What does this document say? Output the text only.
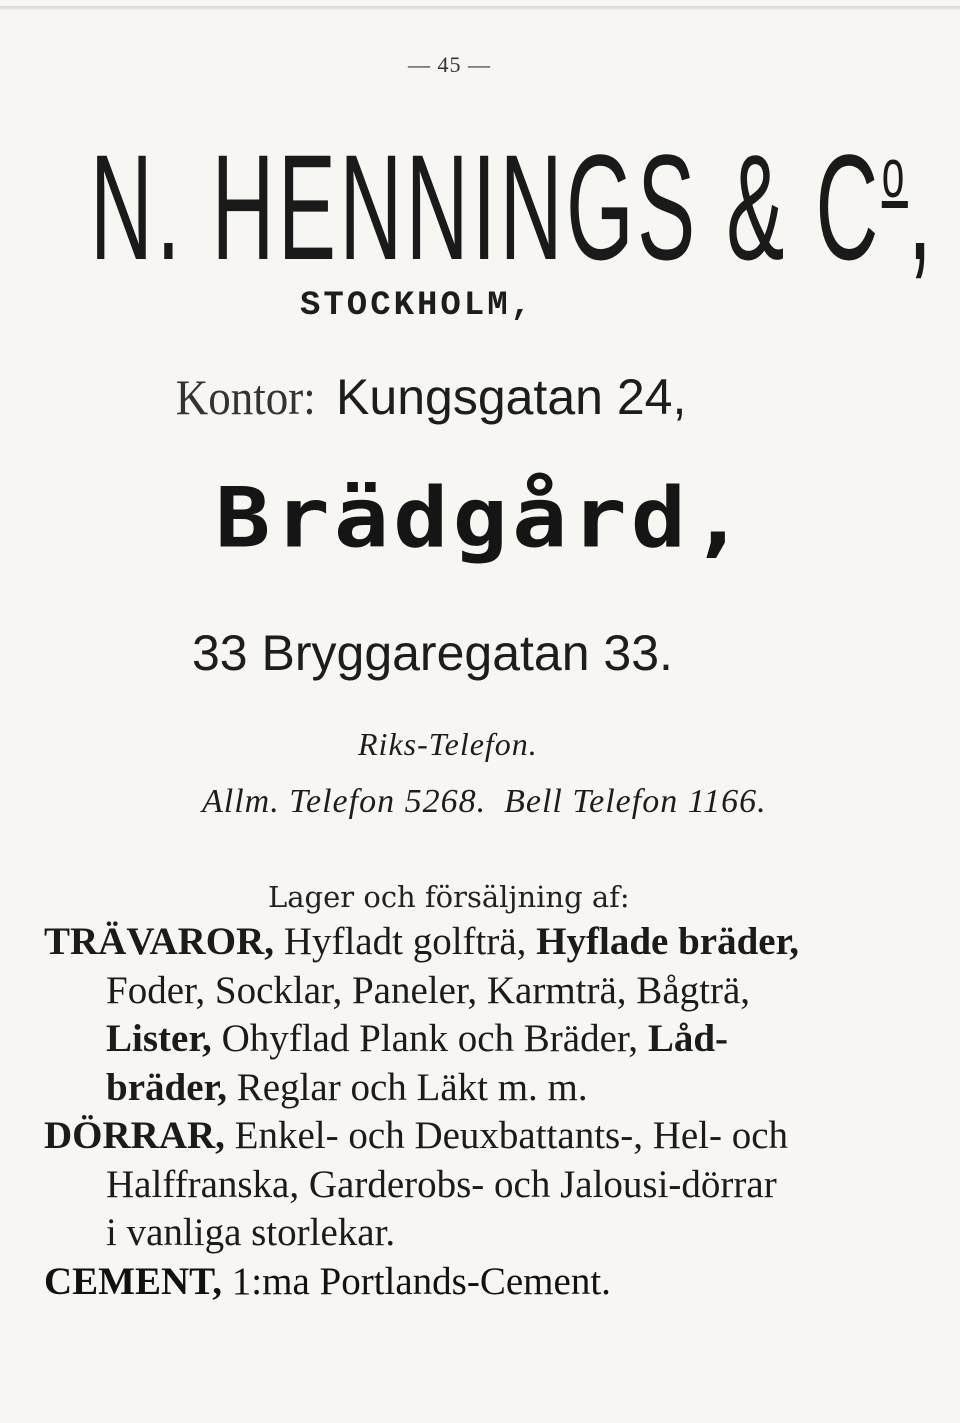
— 45 —
N. HENNINGS & $C^o$,
STOCKHOLM,
Kontor: Kungsgatan 24,
Brädgård,
33 Bryggaregatan 33.
Riks-Telefon.
Allm. Telefon 5268. Bell Telefon 1166.
Lager och försäljning af:
TRÄVAROR, Hyfladt golfträ, Hyflade bräder,
Foder, Socklar, Paneler, Karmträ, Bågträ,
Lister, Ohyflad Plank och Bräder, Låd-
bräder, Reglar och Läkt m. m.
DÖRRAR, Enkel- och Deuxbattants-, Hel- och
Halffranska, Garderobs- och Jalousi-dörrar
i vanliga storlekar.
CEMENT, 1:ma Portlands-Cement.
